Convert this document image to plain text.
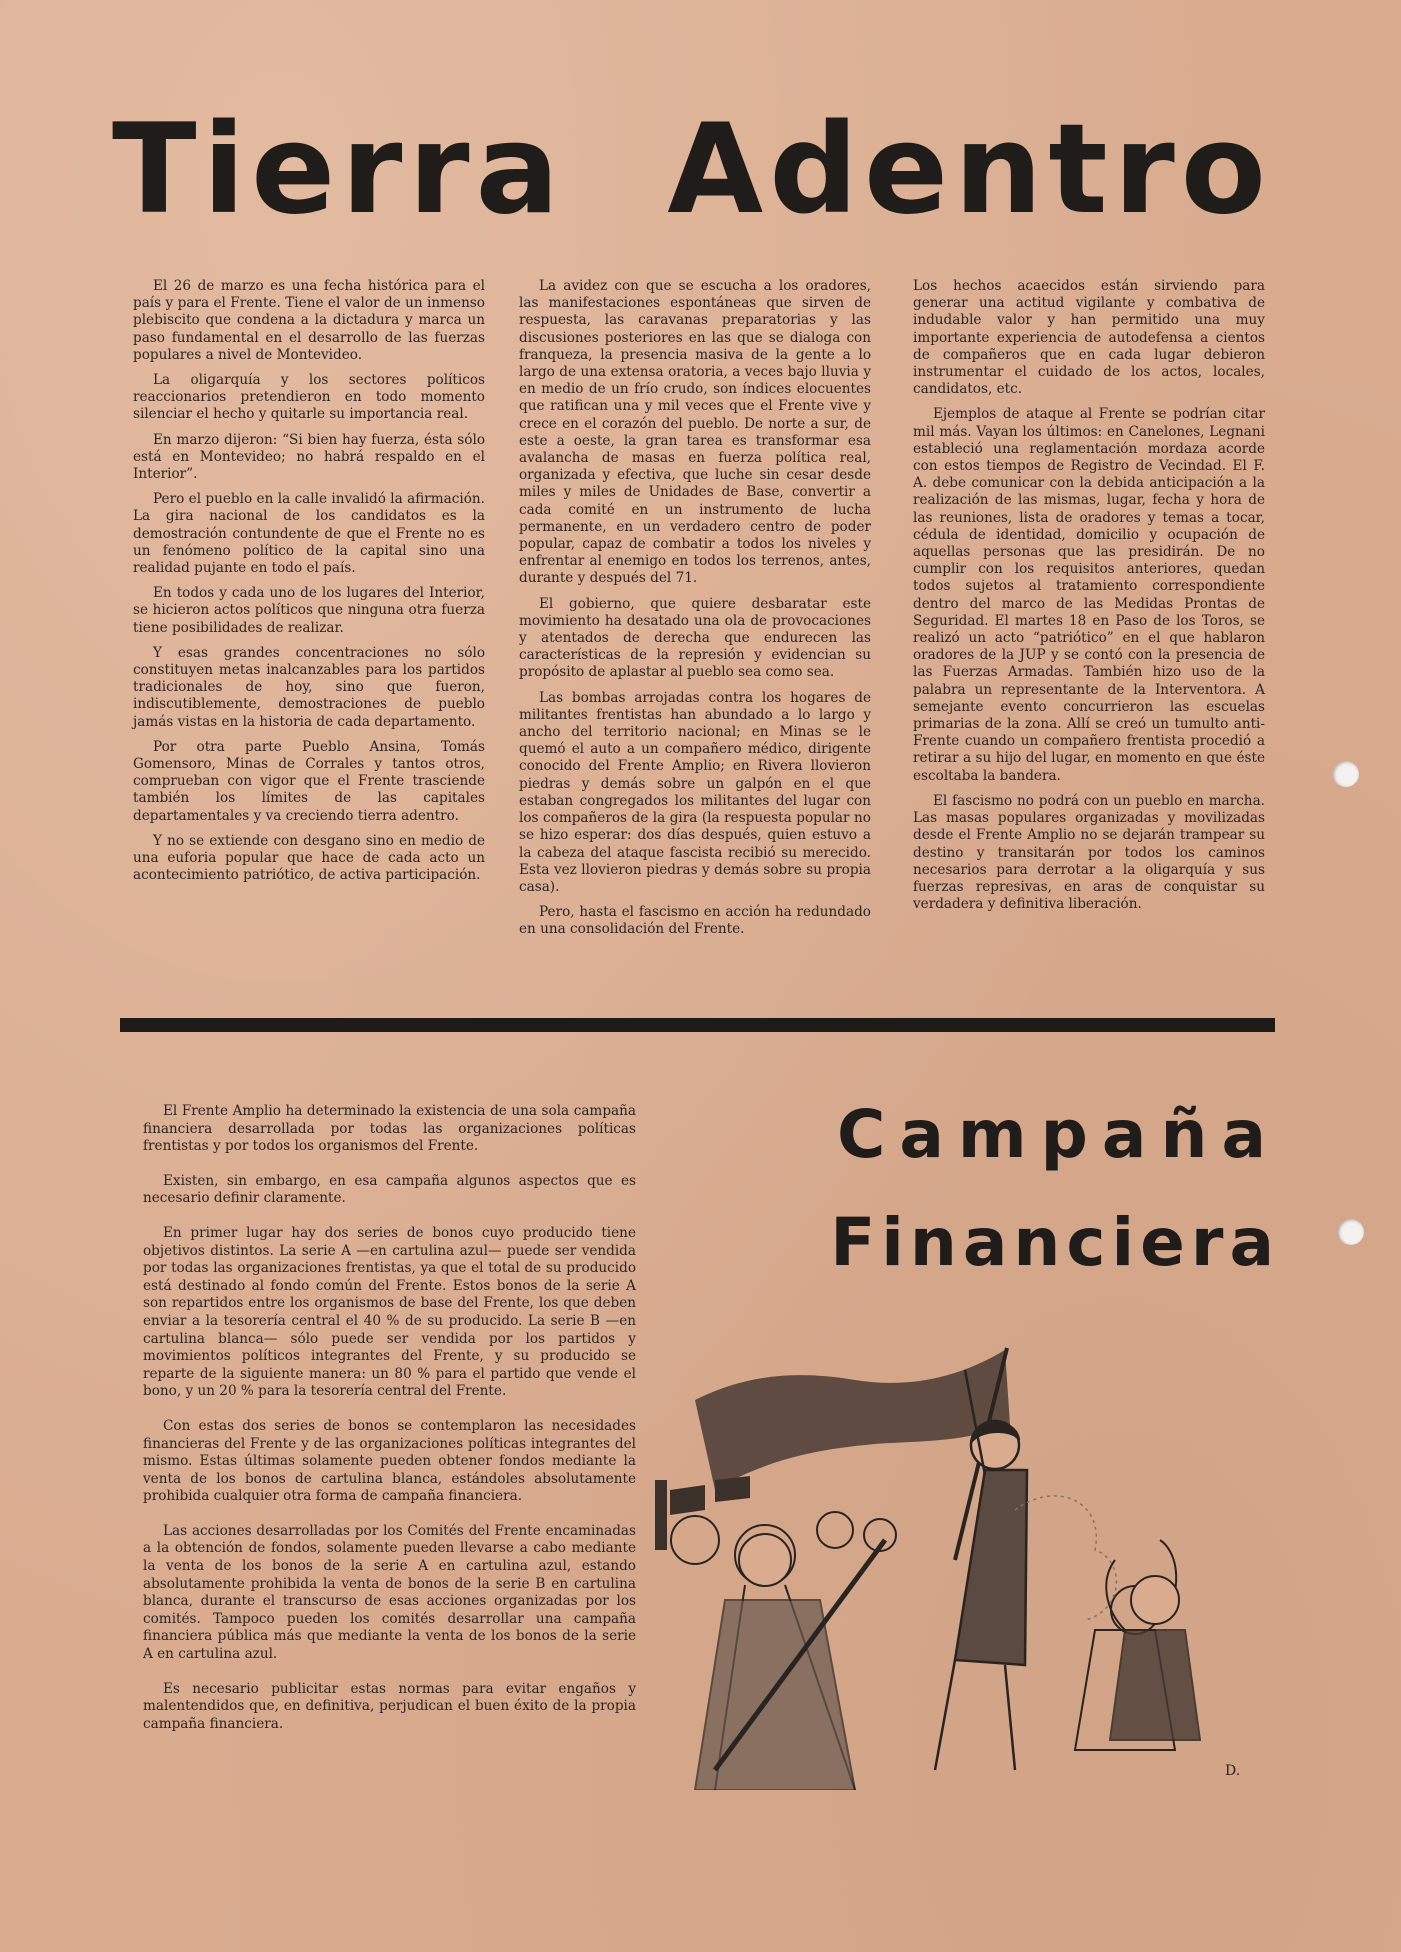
Tierra Adentro

El 26 de marzo es una fecha histórica para el país y para el Frente. Tiene el valor de un inmenso plebiscito que condena a la dictadura y marca un paso fundamental en el desarrollo de las fuerzas populares a nivel de Montevideo.

La oligarquía y los sectores políticos reaccionarios pretendieron en todo momento silenciar el hecho y quitarle su importancia real.

En marzo dijeron: “Si bien hay fuerza, ésta sólo está en Montevideo; no habrá respaldo en el Interior”.

Pero el pueblo en la calle invalidó la afirmación. La gira nacional de los candidatos es la demostración contundente de que el Frente no es un fenómeno político de la capital sino una realidad pujante en todo el país.

En todos y cada uno de los lugares del Interior, se hicieron actos políticos que ninguna otra fuerza tiene posibilidades de realizar.

Y esas grandes concentraciones no sólo constituyen metas inalcanzables para los partidos tradicionales de hoy, sino que fueron, indiscutiblemente, demostraciones de pueblo jamás vistas en la historia de cada departamento.

Por otra parte Pueblo Ansina, Tomás Gomensoro, Minas de Corrales y tantos otros, comprueban con vigor que el Frente trasciende también los límites de las capitales departamentales y va creciendo tierra adentro.

Y no se extiende con desgano sino en medio de una euforia popular que hace de cada acto un acontecimiento patriótico, de activa participación.

La avidez con que se escucha a los oradores, las manifestaciones espontáneas que sirven de respuesta, las caravanas preparatorias y las discusiones posteriores en las que se dialoga con franqueza, la presencia masiva de la gente a lo largo de una extensa oratoria, a veces bajo lluvia y en medio de un frío crudo, son índices elocuentes que ratifican una y mil veces que el Frente vive y crece en el corazón del pueblo. De norte a sur, de este a oeste, la gran tarea es transformar esa avalancha de masas en fuerza política real, organizada y efectiva, que luche sin cesar desde miles y miles de Unidades de Base, convertir a cada comité en un instrumento de lucha permanente, en un verdadero centro de poder popular, capaz de combatir a todos los niveles y enfrentar al enemigo en todos los terrenos, antes, durante y después del 71.

El gobierno, que quiere desbaratar este movimiento ha desatado una ola de provocaciones y atentados de derecha que endurecen las características de la represión y evidencian su propósito de aplastar al pueblo sea como sea.

Las bombas arrojadas contra los hogares de militantes frentistas han abundado a lo largo y ancho del territorio nacional; en Minas se le quemó el auto a un compañero médico, dirigente conocido del Frente Amplio; en Rivera llovieron piedras y demás sobre un galpón en el que estaban congregados los militantes del lugar con los compañeros de la gira (la respuesta popular no se hizo esperar: dos días después, quien estuvo a la cabeza del ataque fascista recibió su merecido. Esta vez llovieron piedras y demás sobre su propia casa).

Pero, hasta el fascismo en acción ha redundado en una consolidación del Frente.

Los hechos acaecidos están sirviendo para generar una actitud vigilante y combativa de indudable valor y han permitido una muy importante experiencia de autodefensa a cientos de compañeros que en cada lugar debieron instrumentar el cuidado de los actos, locales, candidatos, etc.

Ejemplos de ataque al Frente se podrían citar mil más. Vayan los últimos: en Canelones, Legnani estableció una reglamentación mordaza acorde con estos tiempos de Registro de Vecindad. El F. A. debe comunicar con la debida anticipación a la realización de las mismas, lugar, fecha y hora de las reuniones, lista de oradores y temas a tocar, cédula de identidad, domicilio y ocupación de aquellas personas que las presidirán. De no cumplir con los requisitos anteriores, quedan todos sujetos al tratamiento correspondiente dentro del marco de las Medidas Prontas de Seguridad. El martes 18 en Paso de los Toros, se realizó un acto “patriótico” en el que hablaron oradores de la JUP y se contó con la presencia de las Fuerzas Armadas. También hizo uso de la palabra un representante de la Interventora. A semejante evento concurrieron las escuelas primarias de la zona. Allí se creó un tumulto anti-Frente cuando un compañero frentista procedió a retirar a su hijo del lugar, en momento en que éste escoltaba la bandera.

El fascismo no podrá con un pueblo en marcha. Las masas populares organizadas y movilizadas desde el Frente Amplio no se dejarán trampear su destino y transitarán por todos los caminos necesarios para derrotar a la oligarquía y sus fuerzas represivas, en aras de conquistar su verdadera y definitiva liberación.

El Frente Amplio ha determinado la existencia de una sola campaña financiera desarrollada por todas las organizaciones políticas frentistas y por todos los organismos del Frente.

Existen, sin embargo, en esa campaña algunos aspectos que es necesario definir claramente.

En primer lugar hay dos series de bonos cuyo producido tiene objetivos distintos. La serie A —en cartulina azul— puede ser vendida por todas las organizaciones frentistas, ya que el total de su producido está destinado al fondo común del Frente. Estos bonos de la serie A son repartidos entre los organismos de base del Frente, los que deben enviar a la tesorería central el 40 % de su producido. La serie B —en cartulina blanca— sólo puede ser vendida por los partidos y movimientos políticos integrantes del Frente, y su producido se reparte de la siguiente manera: un 80 % para el partido que vende el bono, y un 20 % para la tesorería central del Frente.

Con estas dos series de bonos se contemplaron las necesidades financieras del Frente y de las organizaciones políticas integrantes del mismo. Estas últimas solamente pueden obtener fondos mediante la venta de los bonos de cartulina blanca, estándoles absolutamente prohibida cualquier otra forma de campaña financiera.

Las acciones desarrolladas por los Comités del Frente encaminadas a la obtención de fondos, solamente pueden llevarse a cabo mediante la venta de los bonos de la serie A en cartulina azul, estando absolutamente prohibida la venta de bonos de la serie B en cartulina blanca, durante el transcurso de esas acciones organizadas por los comités. Tampoco pueden los comités desarrollar una campaña financiera pública más que mediante la venta de los bonos de la serie A en cartulina azul.

Es necesario publicitar estas normas para evitar engaños y malentendidos que, en definitiva, perjudican el buen éxito de la propia campaña financiera.

Campaña
Financiera
D.
